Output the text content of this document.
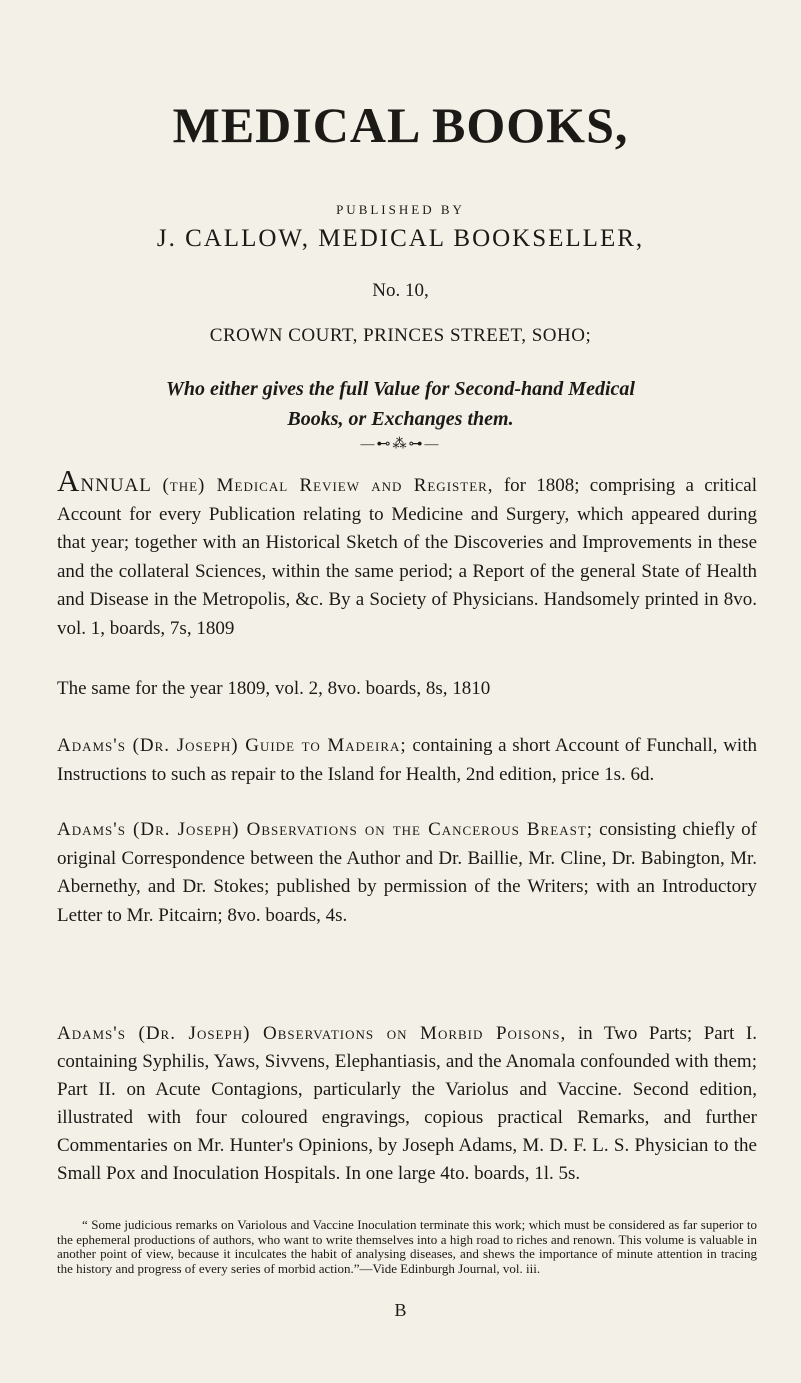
MEDICAL BOOKS,
PUBLISHED BY
J. CALLOW, MEDICAL BOOKSELLER,
No. 10,
CROWN COURT, PRINCES STREET, SOHO;
Who either gives the full Value for Second-hand Medical
Books, or Exchanges them.
—⊷⁂⊶—
ANNUAL (the) Medical Review and Register, for 1808; comprising a critical Account for every Publication relating to Medicine and Surgery, which appeared during that year; together with an Historical Sketch of the Discoveries and Improvements in these and the collateral Sciences, within the same period; a Report of the general State of Health and Disease in the Metropolis, &c. By a Society of Physicians. Handsomely printed in 8vo. vol. 1, boards, 7s, 1809
The same for the year 1809, vol. 2, 8vo. boards, 8s, 1810
Adams's (Dr. Joseph) Guide to Madeira; containing a short Account of Funchall, with Instructions to such as repair to the Island for Health, 2nd edition, price 1s. 6d.
Adams's (Dr. Joseph) Observations on the Cancerous Breast; consisting chiefly of original Correspondence between the Author and Dr. Baillie, Mr. Cline, Dr. Babington, Mr. Abernethy, and Dr. Stokes; published by permission of the Writers; with an Introductory Letter to Mr. Pitcairn; 8vo. boards, 4s.
Adams's (Dr. Joseph) Observations on Morbid Poisons, in Two Parts; Part I. containing Syphilis, Yaws, Sivvens, Elephantiasis, and the Anomala confounded with them; Part II. on Acute Contagions, particularly the Variolus and Vaccine. Second edition, illustrated with four coloured engravings, copious practical Remarks, and further Commentaries on Mr. Hunter's Opinions, by Joseph Adams, M. D. F. L. S. Physician to the Small Pox and Inoculation Hospitals. In one large 4to. boards, 1l. 5s.
“ Some judicious remarks on Variolous and Vaccine Inoculation terminate this work; which must be considered as far superior to the ephemeral productions of authors, who want to write themselves into a high road to riches and renown. This volume is valuable in another point of view, because it inculcates the habit of analysing diseases, and shews the importance of minute attention in tracing the history and progress of every series of morbid action.”—Vide Edinburgh Journal, vol. iii.
B
